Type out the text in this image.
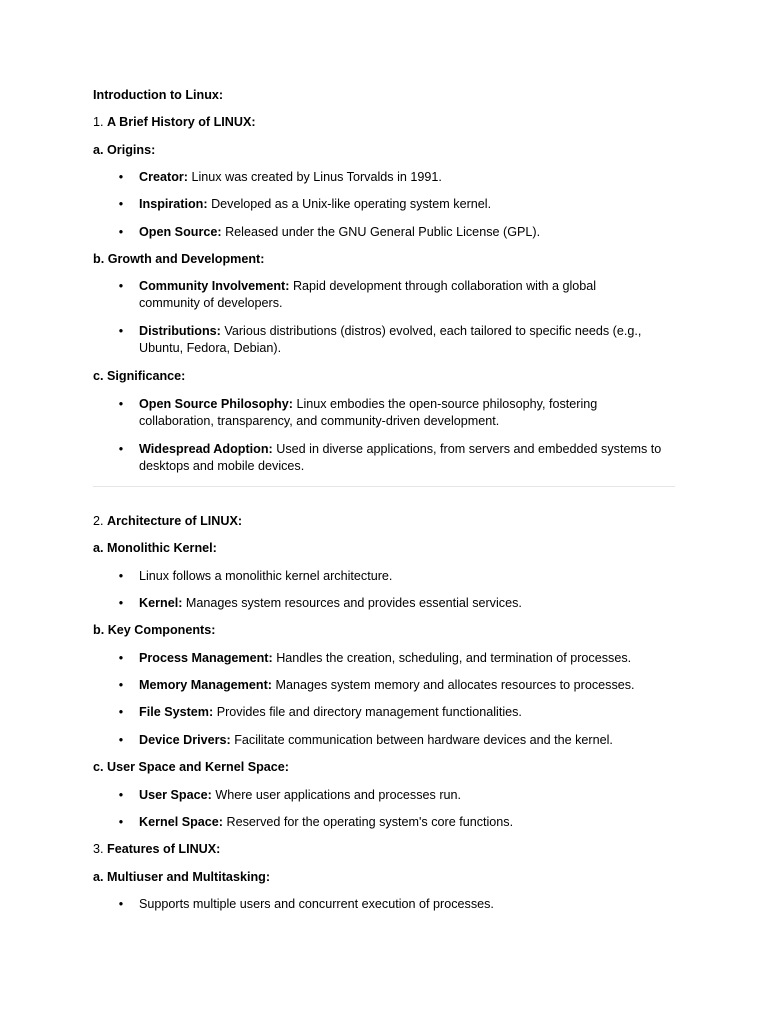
Introduction to Linux:

1. A Brief History of LINUX:

a. Origins:

• Creator: Linux was created by Linus Torvalds in 1991.
• Inspiration: Developed as a Unix-like operating system kernel.
• Open Source: Released under the GNU General Public License (GPL).

b. Growth and Development:

• Community Involvement: Rapid development through collaboration with a global community of developers.
• Distributions: Various distributions (distros) evolved, each tailored to specific needs (e.g., Ubuntu, Fedora, Debian).

c. Significance:

• Open Source Philosophy: Linux embodies the open-source philosophy, fostering collaboration, transparency, and community-driven development.
• Widespread Adoption: Used in diverse applications, from servers and embedded systems to desktops and mobile devices.

2. Architecture of LINUX:

a. Monolithic Kernel:

• Linux follows a monolithic kernel architecture.
• Kernel: Manages system resources and provides essential services.

b. Key Components:

• Process Management: Handles the creation, scheduling, and termination of processes.
• Memory Management: Manages system memory and allocates resources to processes.
• File System: Provides file and directory management functionalities.
• Device Drivers: Facilitate communication between hardware devices and the kernel.

c. User Space and Kernel Space:

• User Space: Where user applications and processes run.
• Kernel Space: Reserved for the operating system's core functions.

3. Features of LINUX:

a. Multiuser and Multitasking:

• Supports multiple users and concurrent execution of processes.
